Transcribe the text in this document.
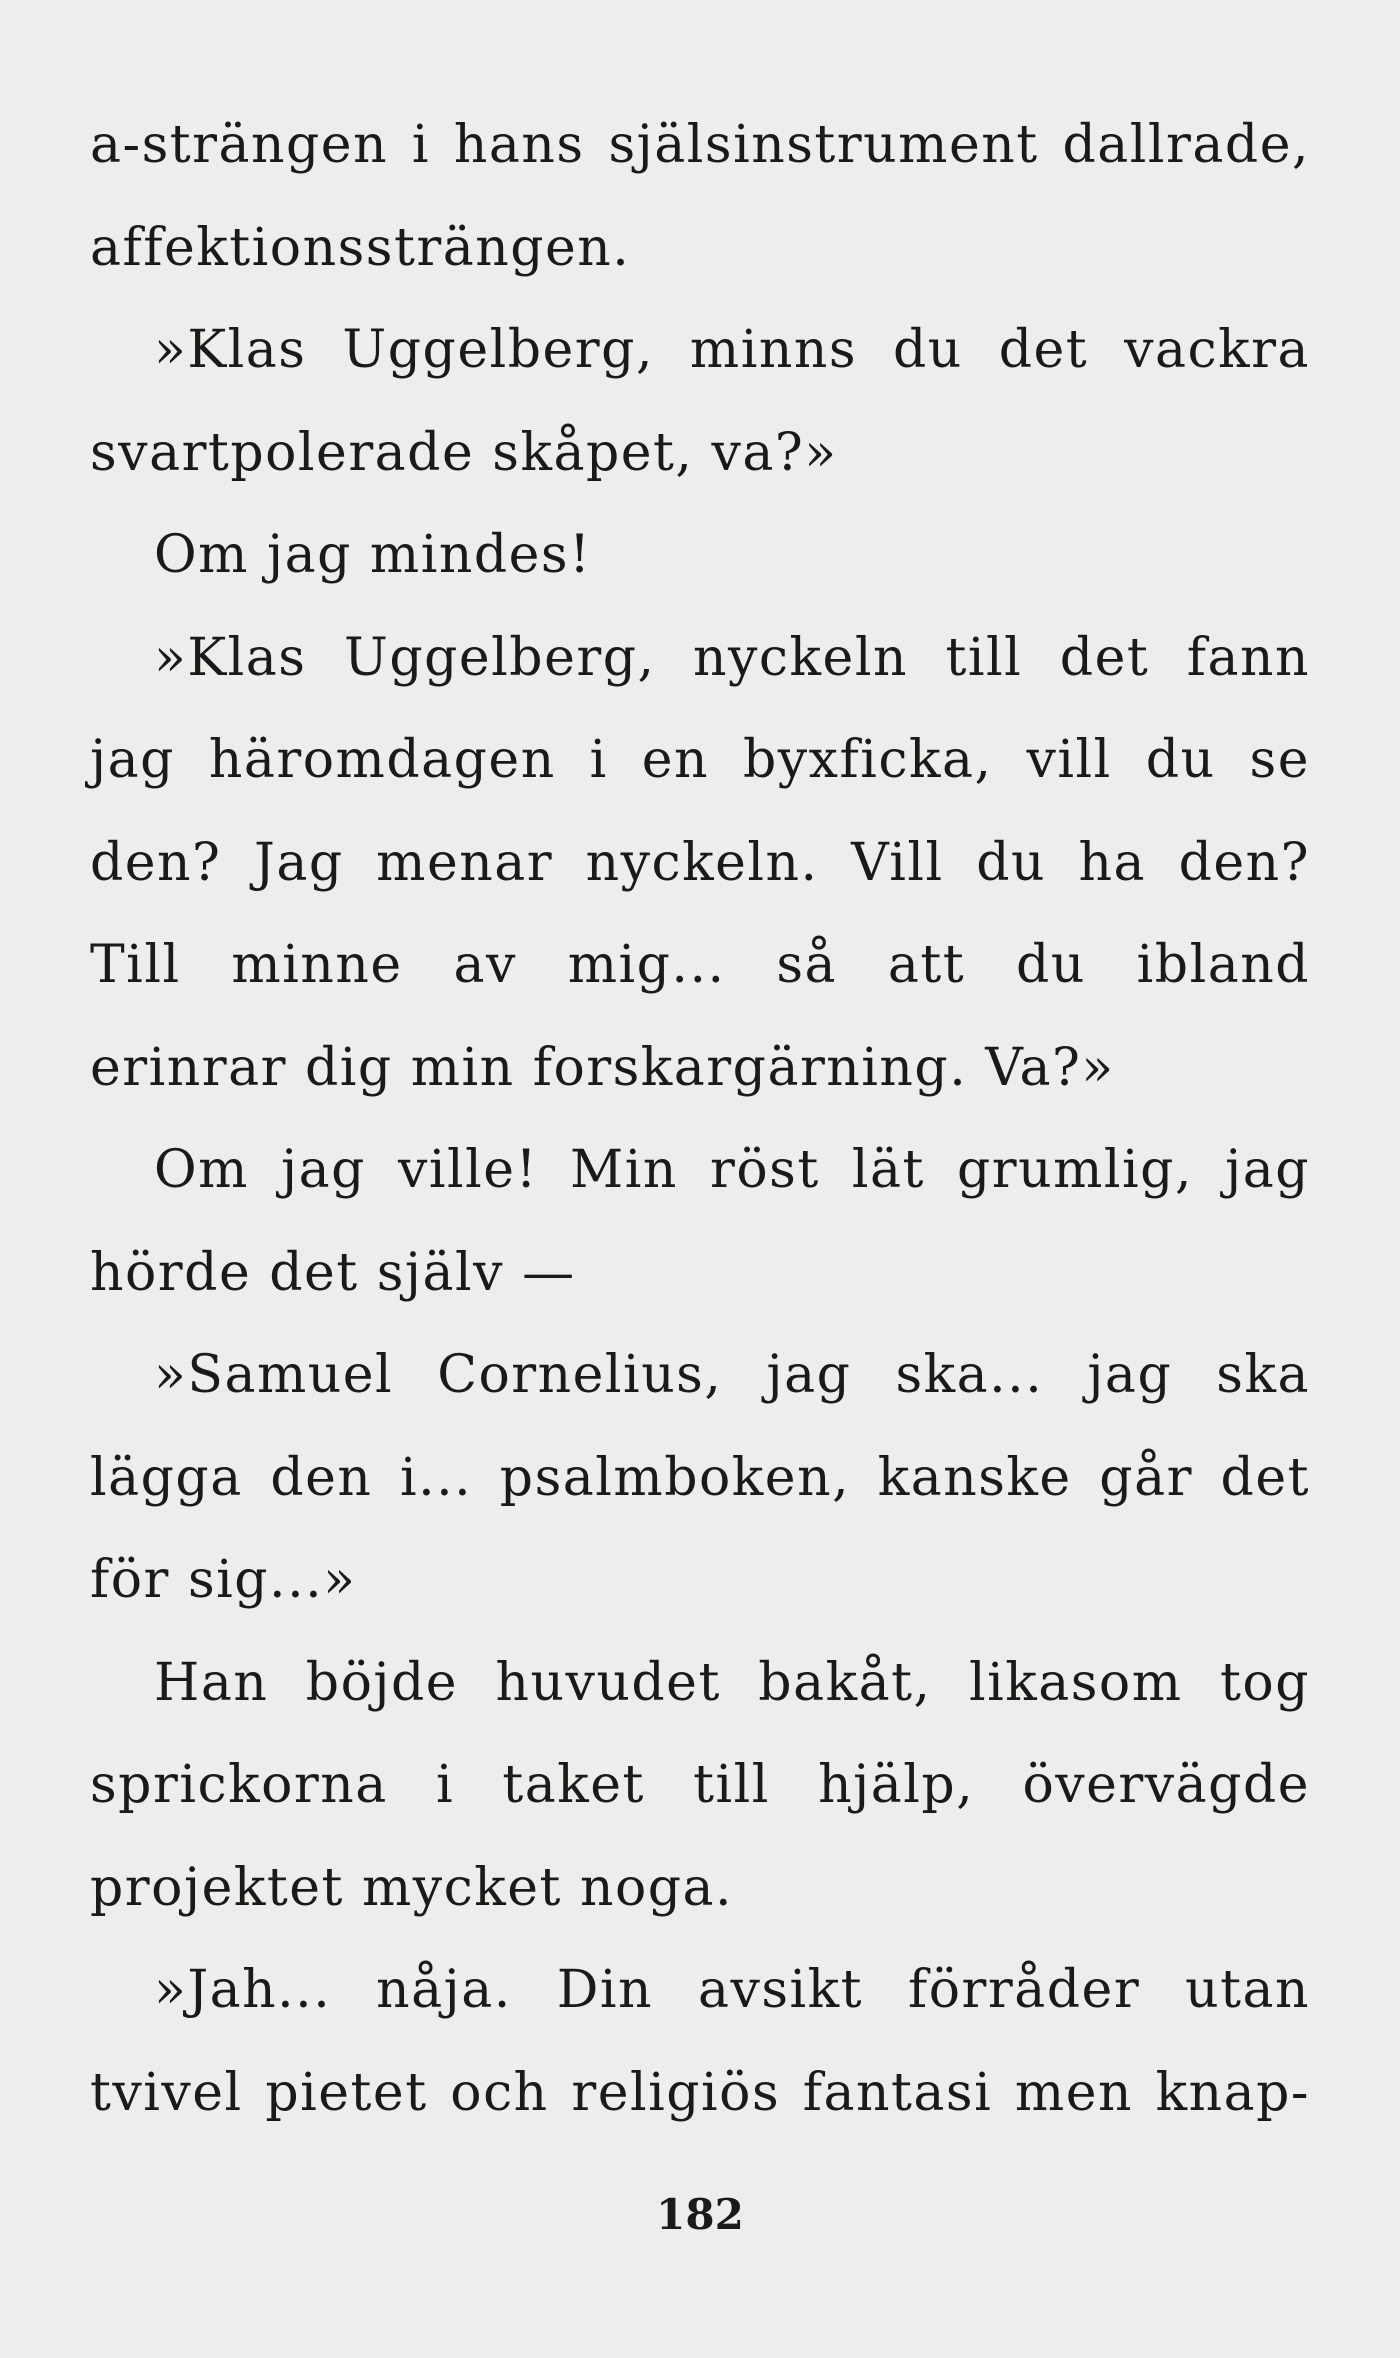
a-strängen i hans själsinstrument dallrade,
affektionssträngen.
»Klas Uggelberg, minns du det vackra
svartpolerade skåpet, va?»
Om jag mindes!
»Klas Uggelberg, nyckeln till det fann
jag häromdagen i en byxficka, vill du se
den? Jag menar nyckeln. Vill du ha den?
Till minne av mig... så att du ibland
erinrar dig min forskargärning. Va?»
Om jag ville! Min röst lät grumlig, jag
hörde det själv —
»Samuel Cornelius, jag ska... jag ska
lägga den i... psalmboken, kanske går det
för sig...»
Han böjde huvudet bakåt, likasom tog
sprickorna i taket till hjälp, övervägde
projektet mycket noga.
»Jah... nåja. Din avsikt förråder utan
tvivel pietet och religiös fantasi men knap-
182
